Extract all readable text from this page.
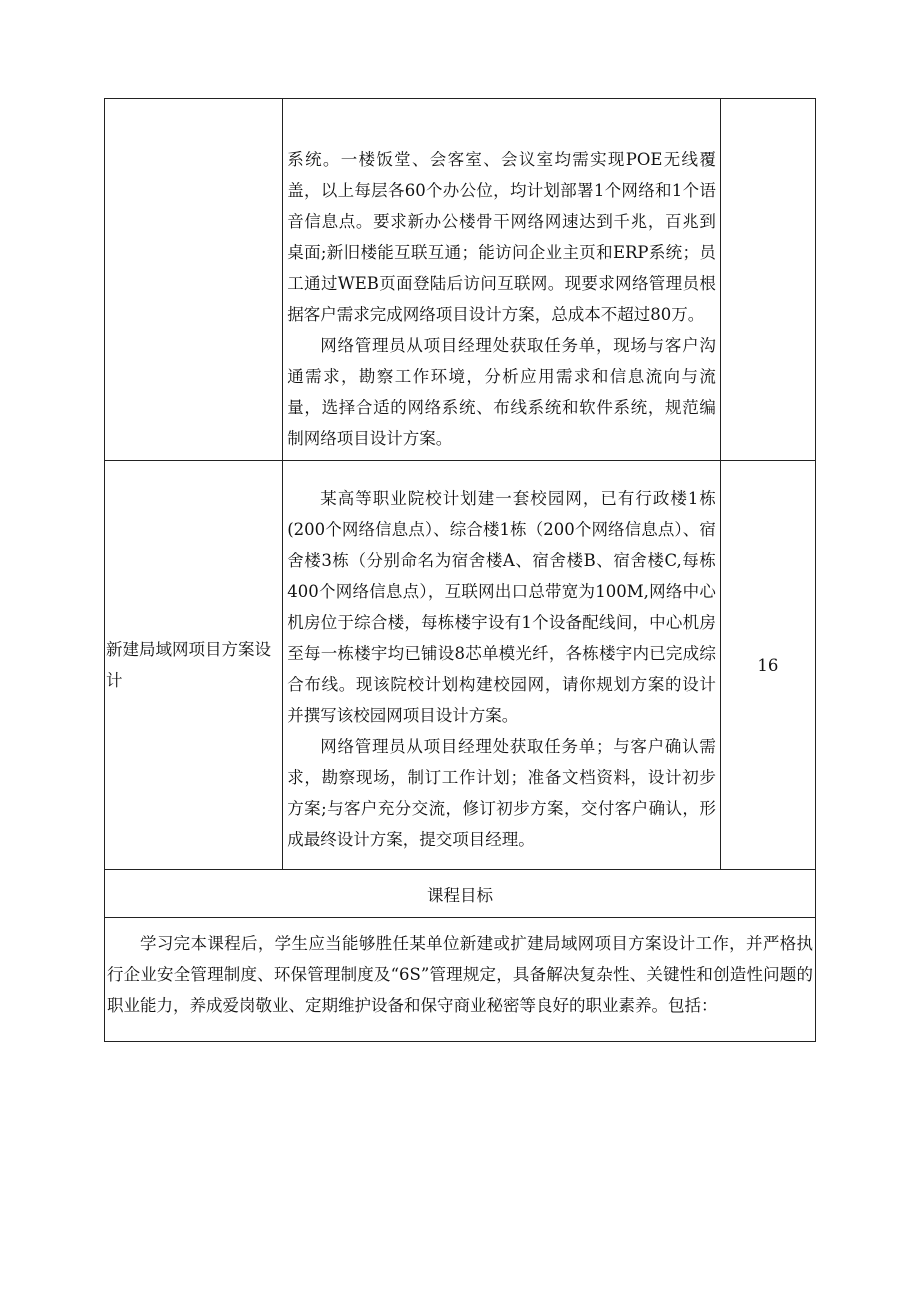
	系统。一楼饭堂、会客室、会议室均需实现POE无线覆盖，以上每层各60个办公位，均计划部署1个网络和1个语音信息点。要求新办公楼骨干网络网速达到千兆，百兆到桌面;新旧楼能互联互通；能访问企业主页和ERP系统；员工通过WEB页面登陆后访问互联网。现要求网络管理员根据客户需求完成网络项目设计方案，总成本不超过80万。

网络管理员从项目经理处获取任务单，现场与客户沟通需求，勘察工作环境，分析应用需求和信息流向与流量，选择合适的网络系统、布线系统和软件系统，规范编制网络项目设计方案。	

新建局域网项目方案设计	某高等职业院校计划建一套校园网，已有行政楼1栋(200个网络信息点）、综合楼1栋（200个网络信息点）、宿舍楼3栋（分别命名为宿舍楼A、宿舍楼B、宿舍楼C,每栋400个网络信息点），互联网出口总带宽为100M,网络中心机房位于综合楼，每栋楼宇设有1个设备配线间，中心机房至每一栋楼宇均已铺设8芯单模光纤，各栋楼宇内已完成综合布线。现该院校计划构建校园网，请你规划方案的设计并撰写该校园网项目设计方案。

网络管理员从项目经理处获取任务单；与客户确认需求，勘察现场，制订工作计划；准备文档资料，设计初步方案;与客户充分交流，修订初步方案，交付客户确认，形成最终设计方案，提交项目经理。	16
课程目标		

学习完本课程后，学生应当能够胜任某单位新建或扩建局域网项目方案设计工作，并严格执行企业安全管理制度、环保管理制度及“6S”管理规定，具备解决复杂性、关键性和创造性问题的职业能力，养成爱岗敬业、定期维护设备和保守商业秘密等良好的职业素养。包括：		
